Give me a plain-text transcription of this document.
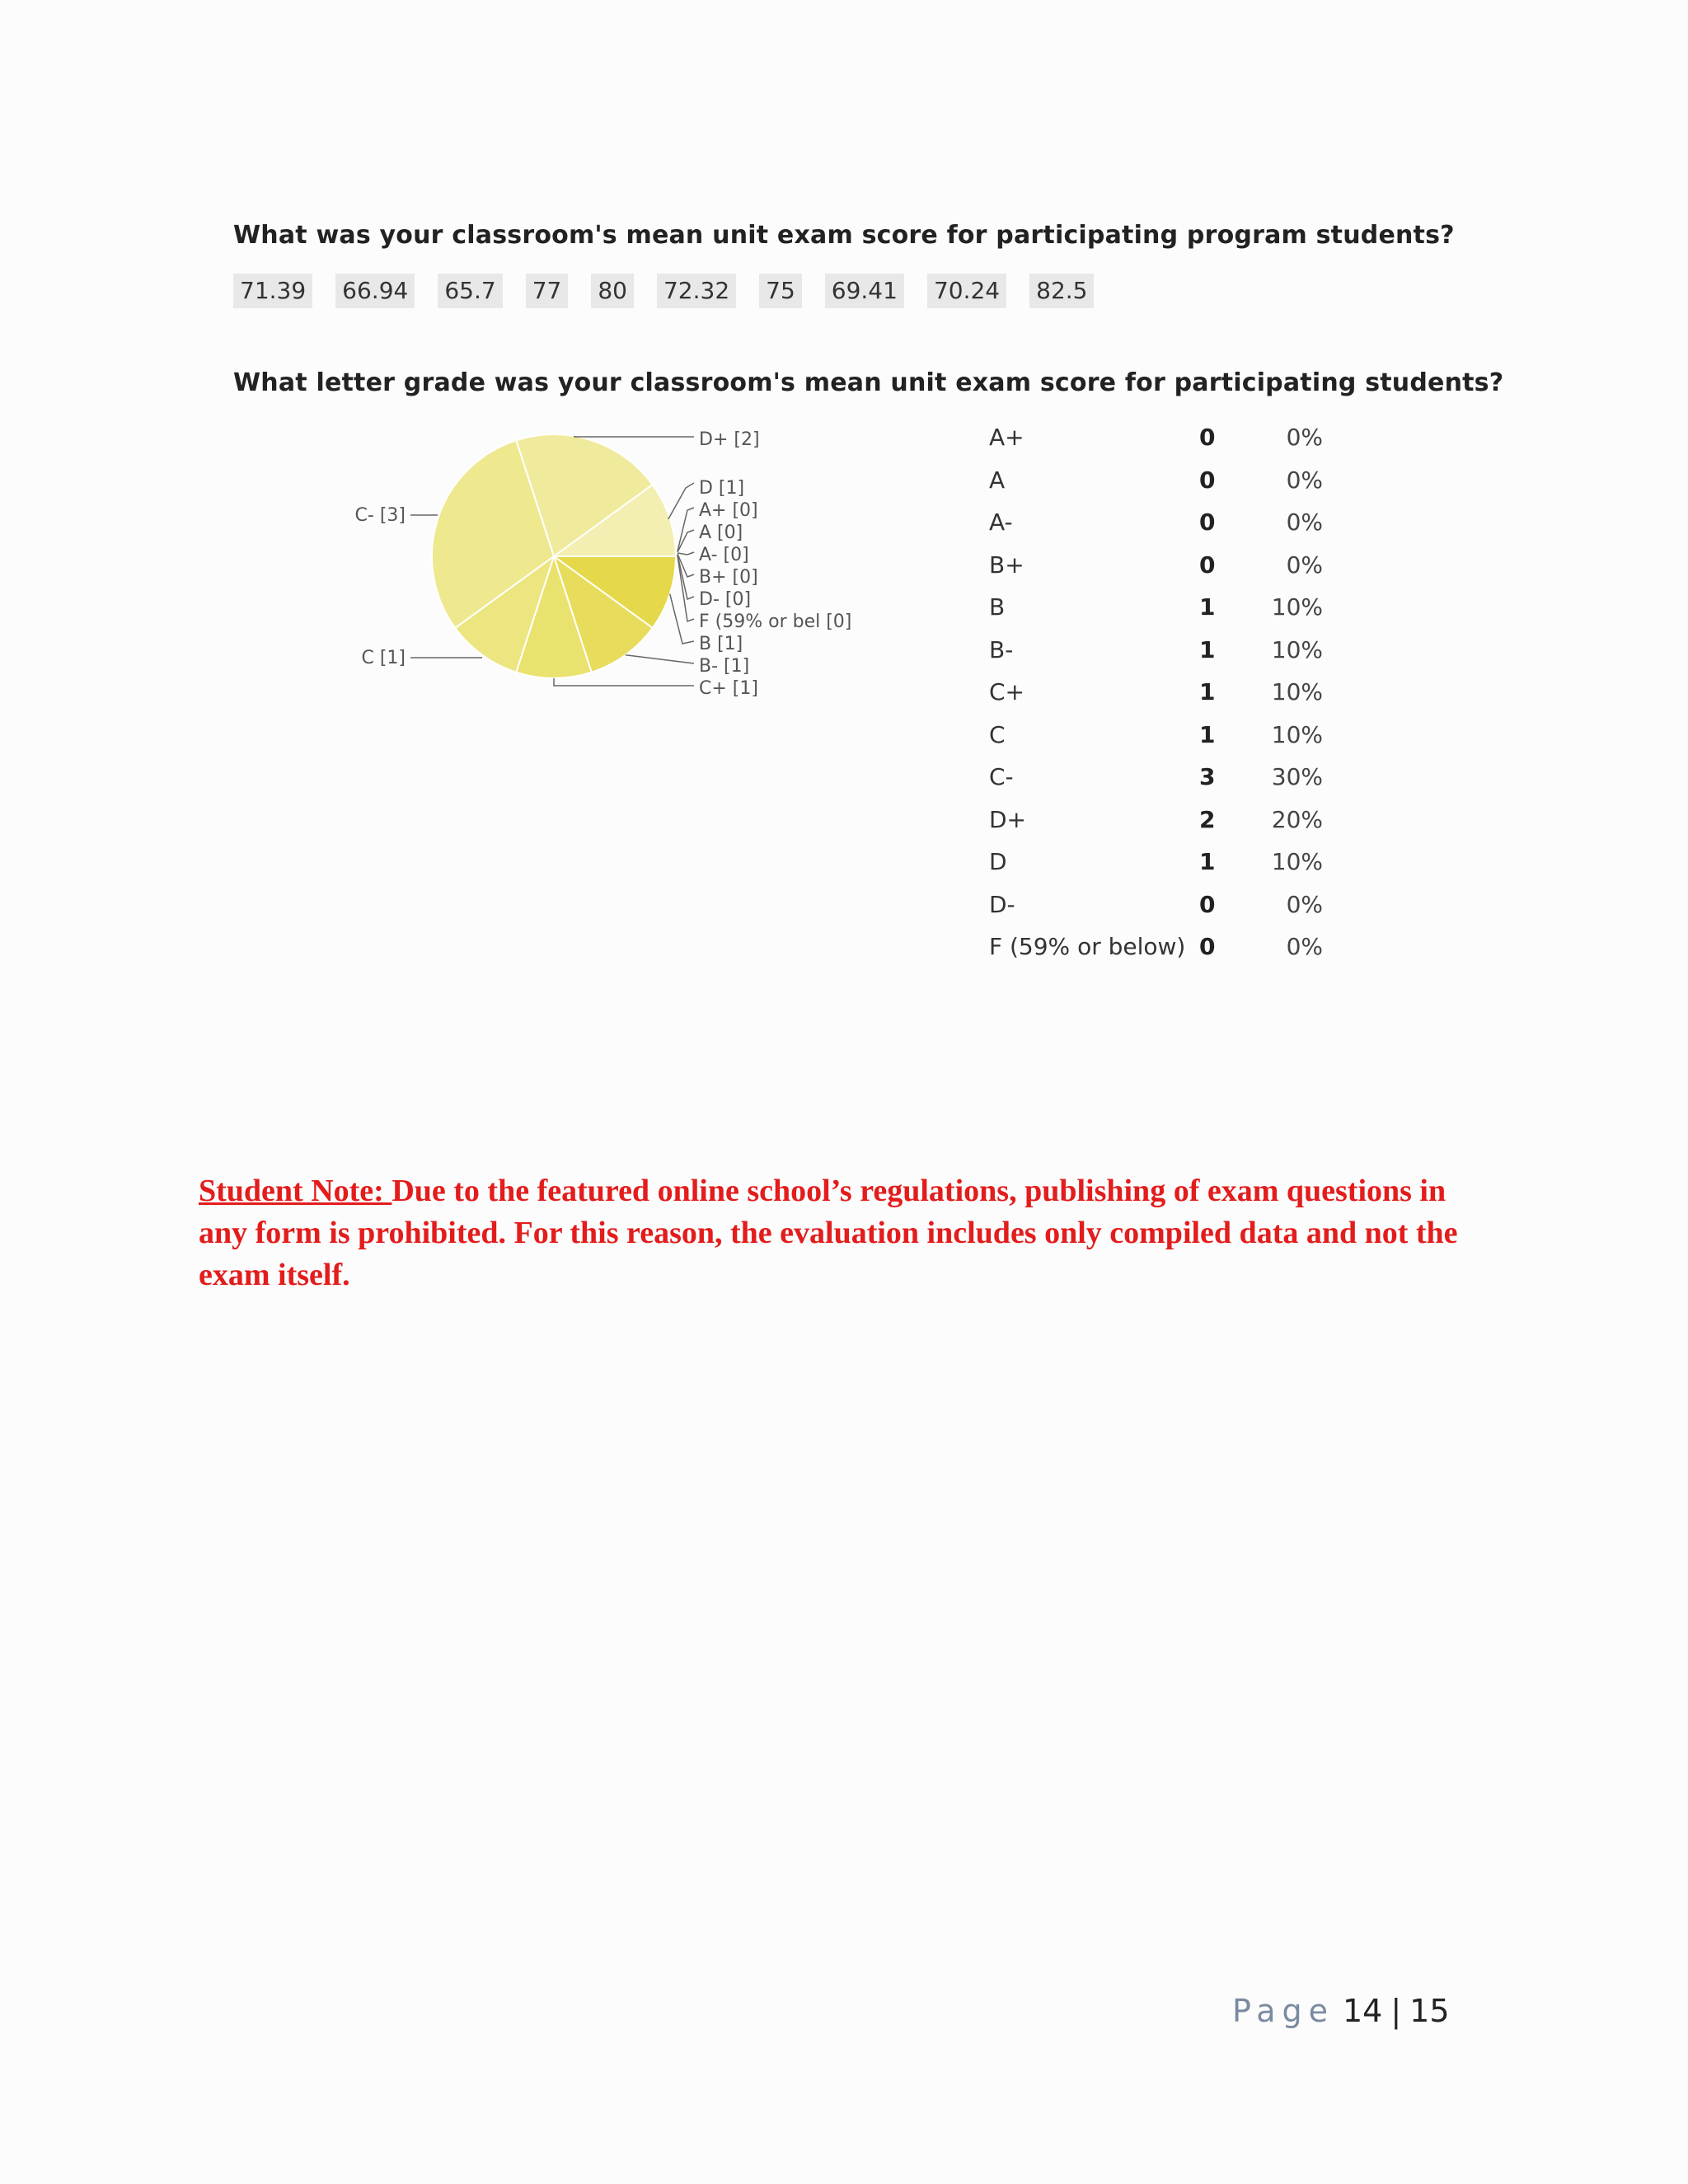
What was your classroom's mean unit exam score for participating program students?
71.39 66.94 65.7 77 80 72.32 75 69.41 70.24 82.5
What letter grade was your classroom's mean unit exam score for participating students?
D+ [2]
D [1]
A+ [0]
A [0]
A- [0]
B+ [0]
D- [0]
F (59% or bel [0]
B [1]
B- [1]
C+ [1]
C- [3]
C [1]
A+	0	0%
A	0	0%
A-	0	0%
B+	0	0%
B	1	10%
B-	1	10%
C+	1	10%
C	1	10%
C-	3	30%
D+	2	20%
D	1	10%
D-	0	0%
F (59% or below)	0	0%
Student Note: Due to the featured online school’s regulations, publishing of exam questions in any form is prohibited. For this reason, the evaluation includes only compiled data and not the exam itself.
Page 14 | 15
